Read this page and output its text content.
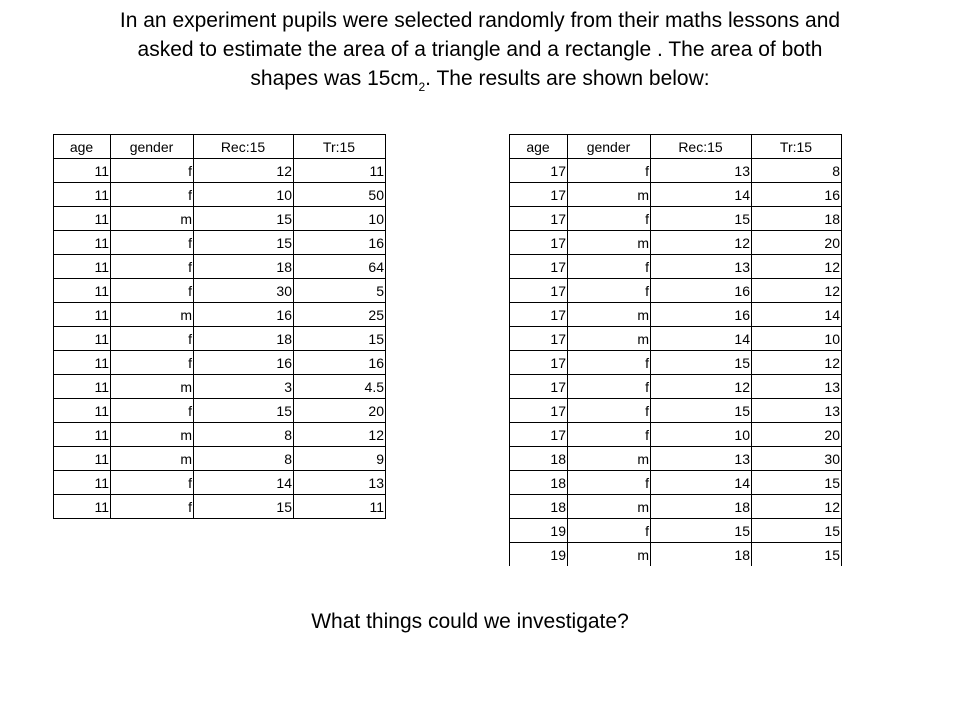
In an experiment pupils were selected randomly from their maths lessons and
asked to estimate the area of a triangle and a rectangle . The area of both
shapes was $15cm^2$. The results are shown below:
age	gender	Rec:15	Tr:15
11	f	12	11
11	f	10	50
11	m	15	10
11	f	15	16
11	f	18	64
11	f	30	5
11	m	16	25
11	f	18	15
11	f	16	16
11	m	3	4.5
11	f	15	20
11	m	8	12
11	m	8	9
11	f	14	13
11	f	15	11
age	gender	Rec:15	Tr:15
17	f	13	8
17	m	14	16
17	f	15	18
17	m	12	20
17	f	13	12
17	f	16	12
17	m	16	14
17	m	14	10
17	f	15	12
17	f	12	13
17	f	15	13
17	f	10	20
18	m	13	30
18	f	14	15
18	m	18	12
19	f	15	15
19	m	18	15
What things could we investigate?
